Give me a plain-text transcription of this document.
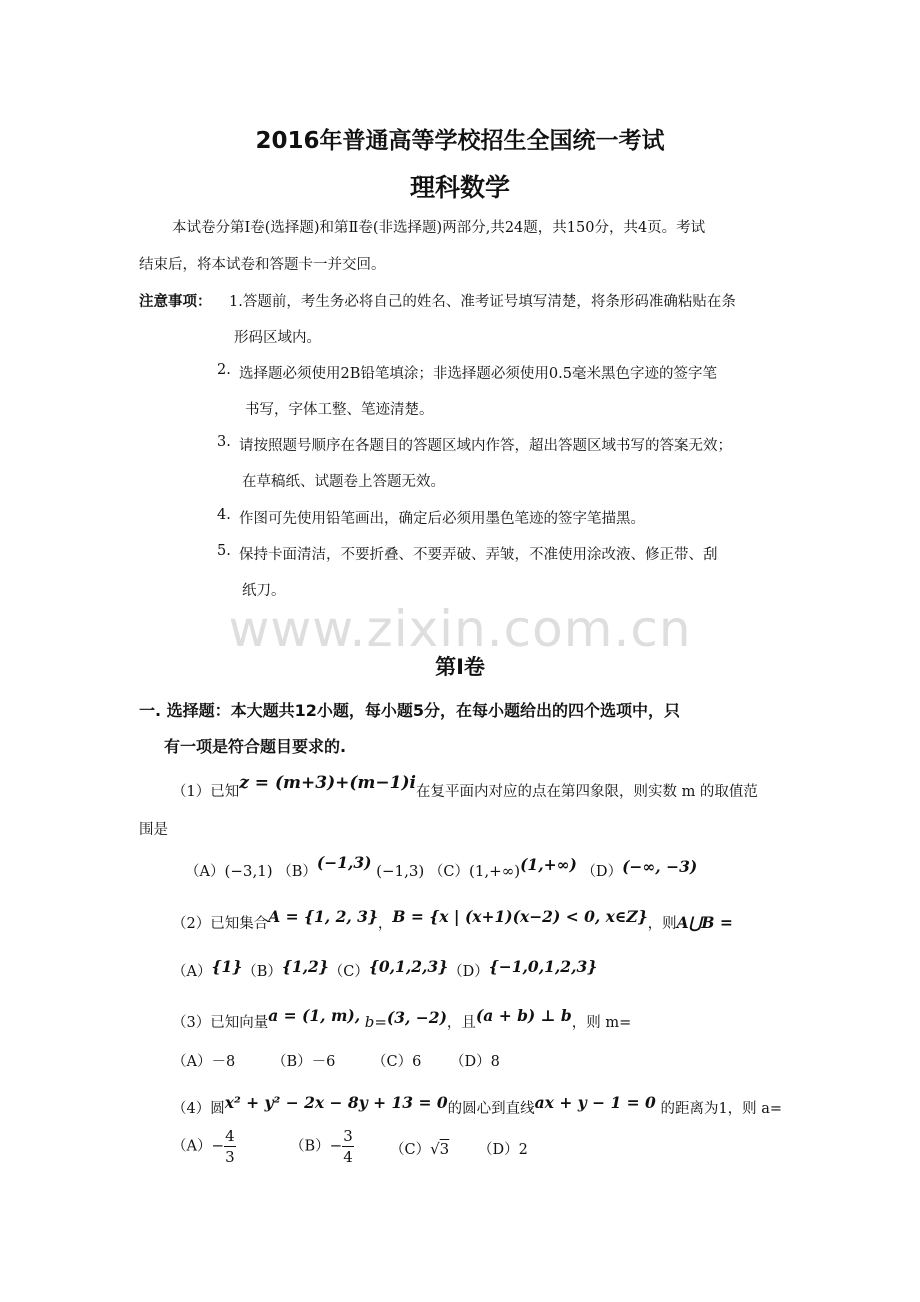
2016年普通高等学校招生全国统一考试
理科数学
本试卷分第Ⅰ卷(选择题)和第Ⅱ卷(非选择题)两部分,共24题，共150分，共4页。考试
结束后，将本试卷和答题卡一并交回。
注意事项： 1.答题前，考生务必将自己的姓名、准考证号填写清楚，将条形码准确粘贴在条
形码区域内。
2. 选择题必须使用2B铅笔填涂；非选择题必须使用0.5毫米黑色字迹的签字笔
书写，字体工整、笔迹清楚。
3. 请按照题号顺序在各题目的答题区域内作答，超出答题区域书写的答案无效；
在草稿纸、试题卷上答题无效。
4. 作图可先使用铅笔画出，确定后必须用墨色笔迹的签字笔描黑。
5. 保持卡面清洁，不要折叠、不要弄破、弄皱，不准使用涂改液、修正带、刮
纸刀。
www.zixin.com.cn
第Ⅰ卷
一. 选择题：本大题共12小题，每小题5分，在每小题给出的四个选项中，只
有一项是符合题目要求的.
（1）已知z = (m+3)+(m−1)i在复平面内对应的点在第四象限，则实数 m 的取值范
围是
（A）(−3,1) （B）(−1,3) (−1,3) （C）(1,+∞)(1,+∞) （D）(−∞, −3)
（2）已知集合A = {1, 2, 3}，B = {x | (x+1)(x−2) < 0, x∈Z}，则A⋃B =
（A）{1}（B）{1,2}（C）{0,1,2,3}（D）{−1,0,1,2,3}
（3）已知向量a = (1, m), b=(3, −2)，且(a + b) ⊥ b，则 m=
（A）－8	（B）－6	（C）6 （D）8
（4）圆x² + y² − 2x − 8y + 13 = 0的圆心到直线ax + y − 1 = 0 的距离为1，则 a=
$(A)- \frac{4}{3}$	$(B)- \frac{3}{4} (C)√3$ （D）2
